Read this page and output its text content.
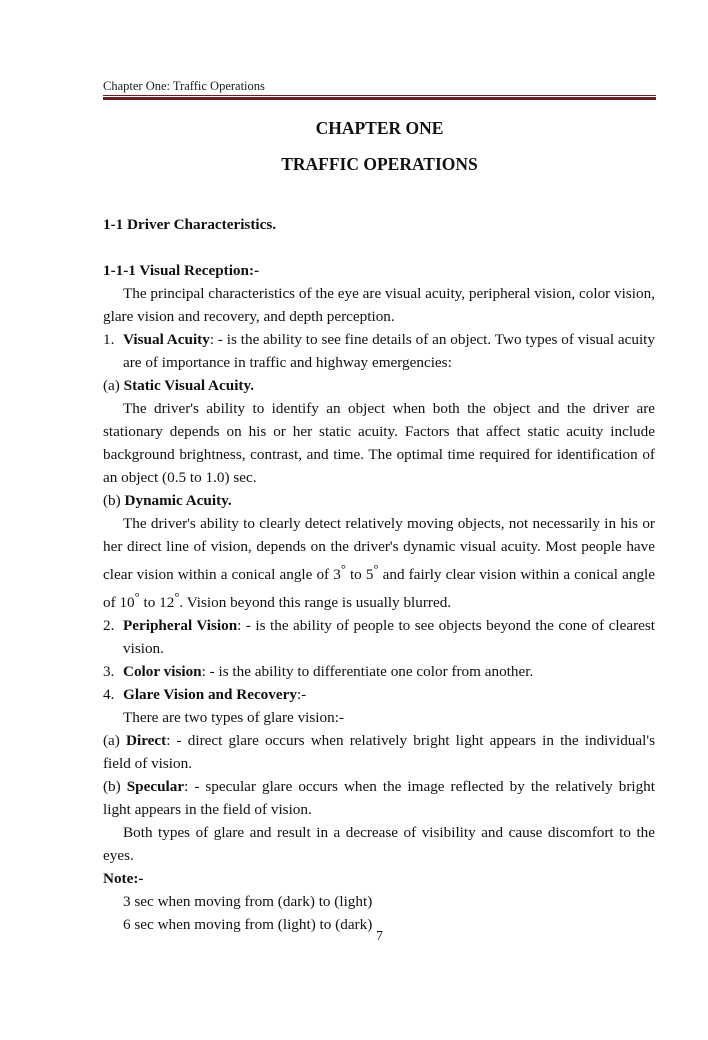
Chapter One: Traffic Operations
CHAPTER ONE
TRAFFIC OPERATIONS
1-1 Driver Characteristics.

1-1-1 Visual Reception:-

The principal characteristics of the eye are visual acuity, peripheral vision, color vision, glare vision and recovery, and depth perception.

1. Visual Acuity: - is the ability to see fine details of an object. Two types of visual acuity are of importance in traffic and highway emergencies:

(a) Static Visual Acuity.

The driver's ability to identify an object when both the object and the driver are stationary depends on his or her static acuity. Factors that affect static acuity include background brightness, contrast, and time. The optimal time required for identification of an object (0.5 to 1.0) sec.

(b) Dynamic Acuity.

The driver's ability to clearly detect relatively moving objects, not necessarily in his or her direct line of vision, depends on the driver's dynamic visual acuity. Most people have clear vision within a conical angle of 3° to 5° and fairly clear vision within a conical angle of 10° to 12°. Vision beyond this range is usually blurred.

2. Peripheral Vision: - is the ability of people to see objects beyond the cone of clearest vision.

3. Color vision: - is the ability to differentiate one color from another.

4. Glare Vision and Recovery:-

There are two types of glare vision:-

(a) Direct: - direct glare occurs when relatively bright light appears in the individual's field of vision.

(b) Specular: - specular glare occurs when the image reflected by the relatively bright light appears in the field of vision.

Both types of glare and result in a decrease of visibility and cause discomfort to the eyes.

Note:-

3 sec when moving from (dark) to (light)

6 sec when moving from (light) to (dark)

7
